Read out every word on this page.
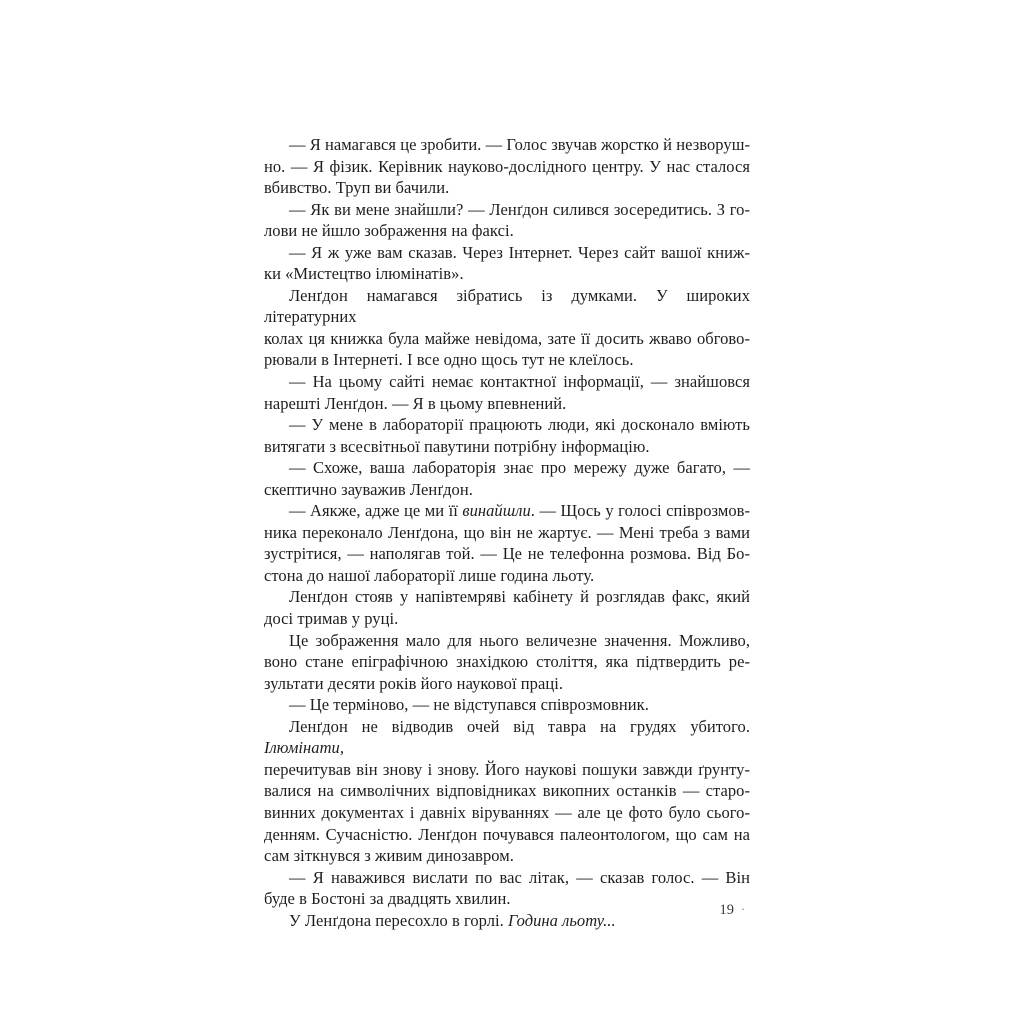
— Я намагався це зробити. — Голос звучав жорстко й незворуш-
но. — Я фізик. Керівник науково-дослідного центру. У нас сталося
вбивство. Труп ви бачили.
— Як ви мене знайшли? — Ленґдон силився зосередитись. З го-
лови не йшло зображення на факсі.
— Я ж уже вам сказав. Через Інтернет. Через сайт вашої книж-
ки «Мистецтво ілюмінатів».
Ленґдон намагався зібратись із думками. У широких літературних
колах ця книжка була майже невідома, зате її досить жваво обгово-
рювали в Інтернеті. І все одно щось тут не клеїлось.
— На цьому сайті немає контактної інформації, — знайшовся
нарешті Ленґдон. — Я в цьому впевнений.
— У мене в лабораторії працюють люди, які досконало вміють
витягати з всесвітньої павутини потрібну інформацію.
— Схоже, ваша лабораторія знає про мережу дуже багато, —
скептично зауважив Ленґдон.
— Аякже, адже це ми її винайшли. — Щось у голосі співрозмов-
ника переконало Ленґдона, що він не жартує. — Мені треба з вами
зустрітися, — наполягав той. — Це не телефонна розмова. Від Бо-
стона до нашої лабораторії лише година льоту.
Ленґдон стояв у напівтемряві кабінету й розглядав факс, який
досі тримав у руці.
Це зображення мало для нього величезне значення. Можливо,
воно стане епіграфічною знахідкою століття, яка підтвердить ре-
зультати десяти років його наукової праці.
— Це терміново, — не відступався співрозмовник.
Ленґдон не відводив очей від тавра на грудях убитого. Ілюмінати,
перечитував він знову і знову. Його наукові пошуки завжди ґрунту-
валися на символічних відповідниках викопних останків — старо-
винних документах і давніх віруваннях — але це фото було сього-
денням. Сучасністю. Ленґдон почувався палеонтологом, що сам на
сам зіткнувся з живим динозавром.
— Я наважився вислати по вас літак, — сказав голос. — Він
буде в Бостоні за двадцять хвилин.
У Ленґдона пересохло в горлі. Година льоту...
19 ·
